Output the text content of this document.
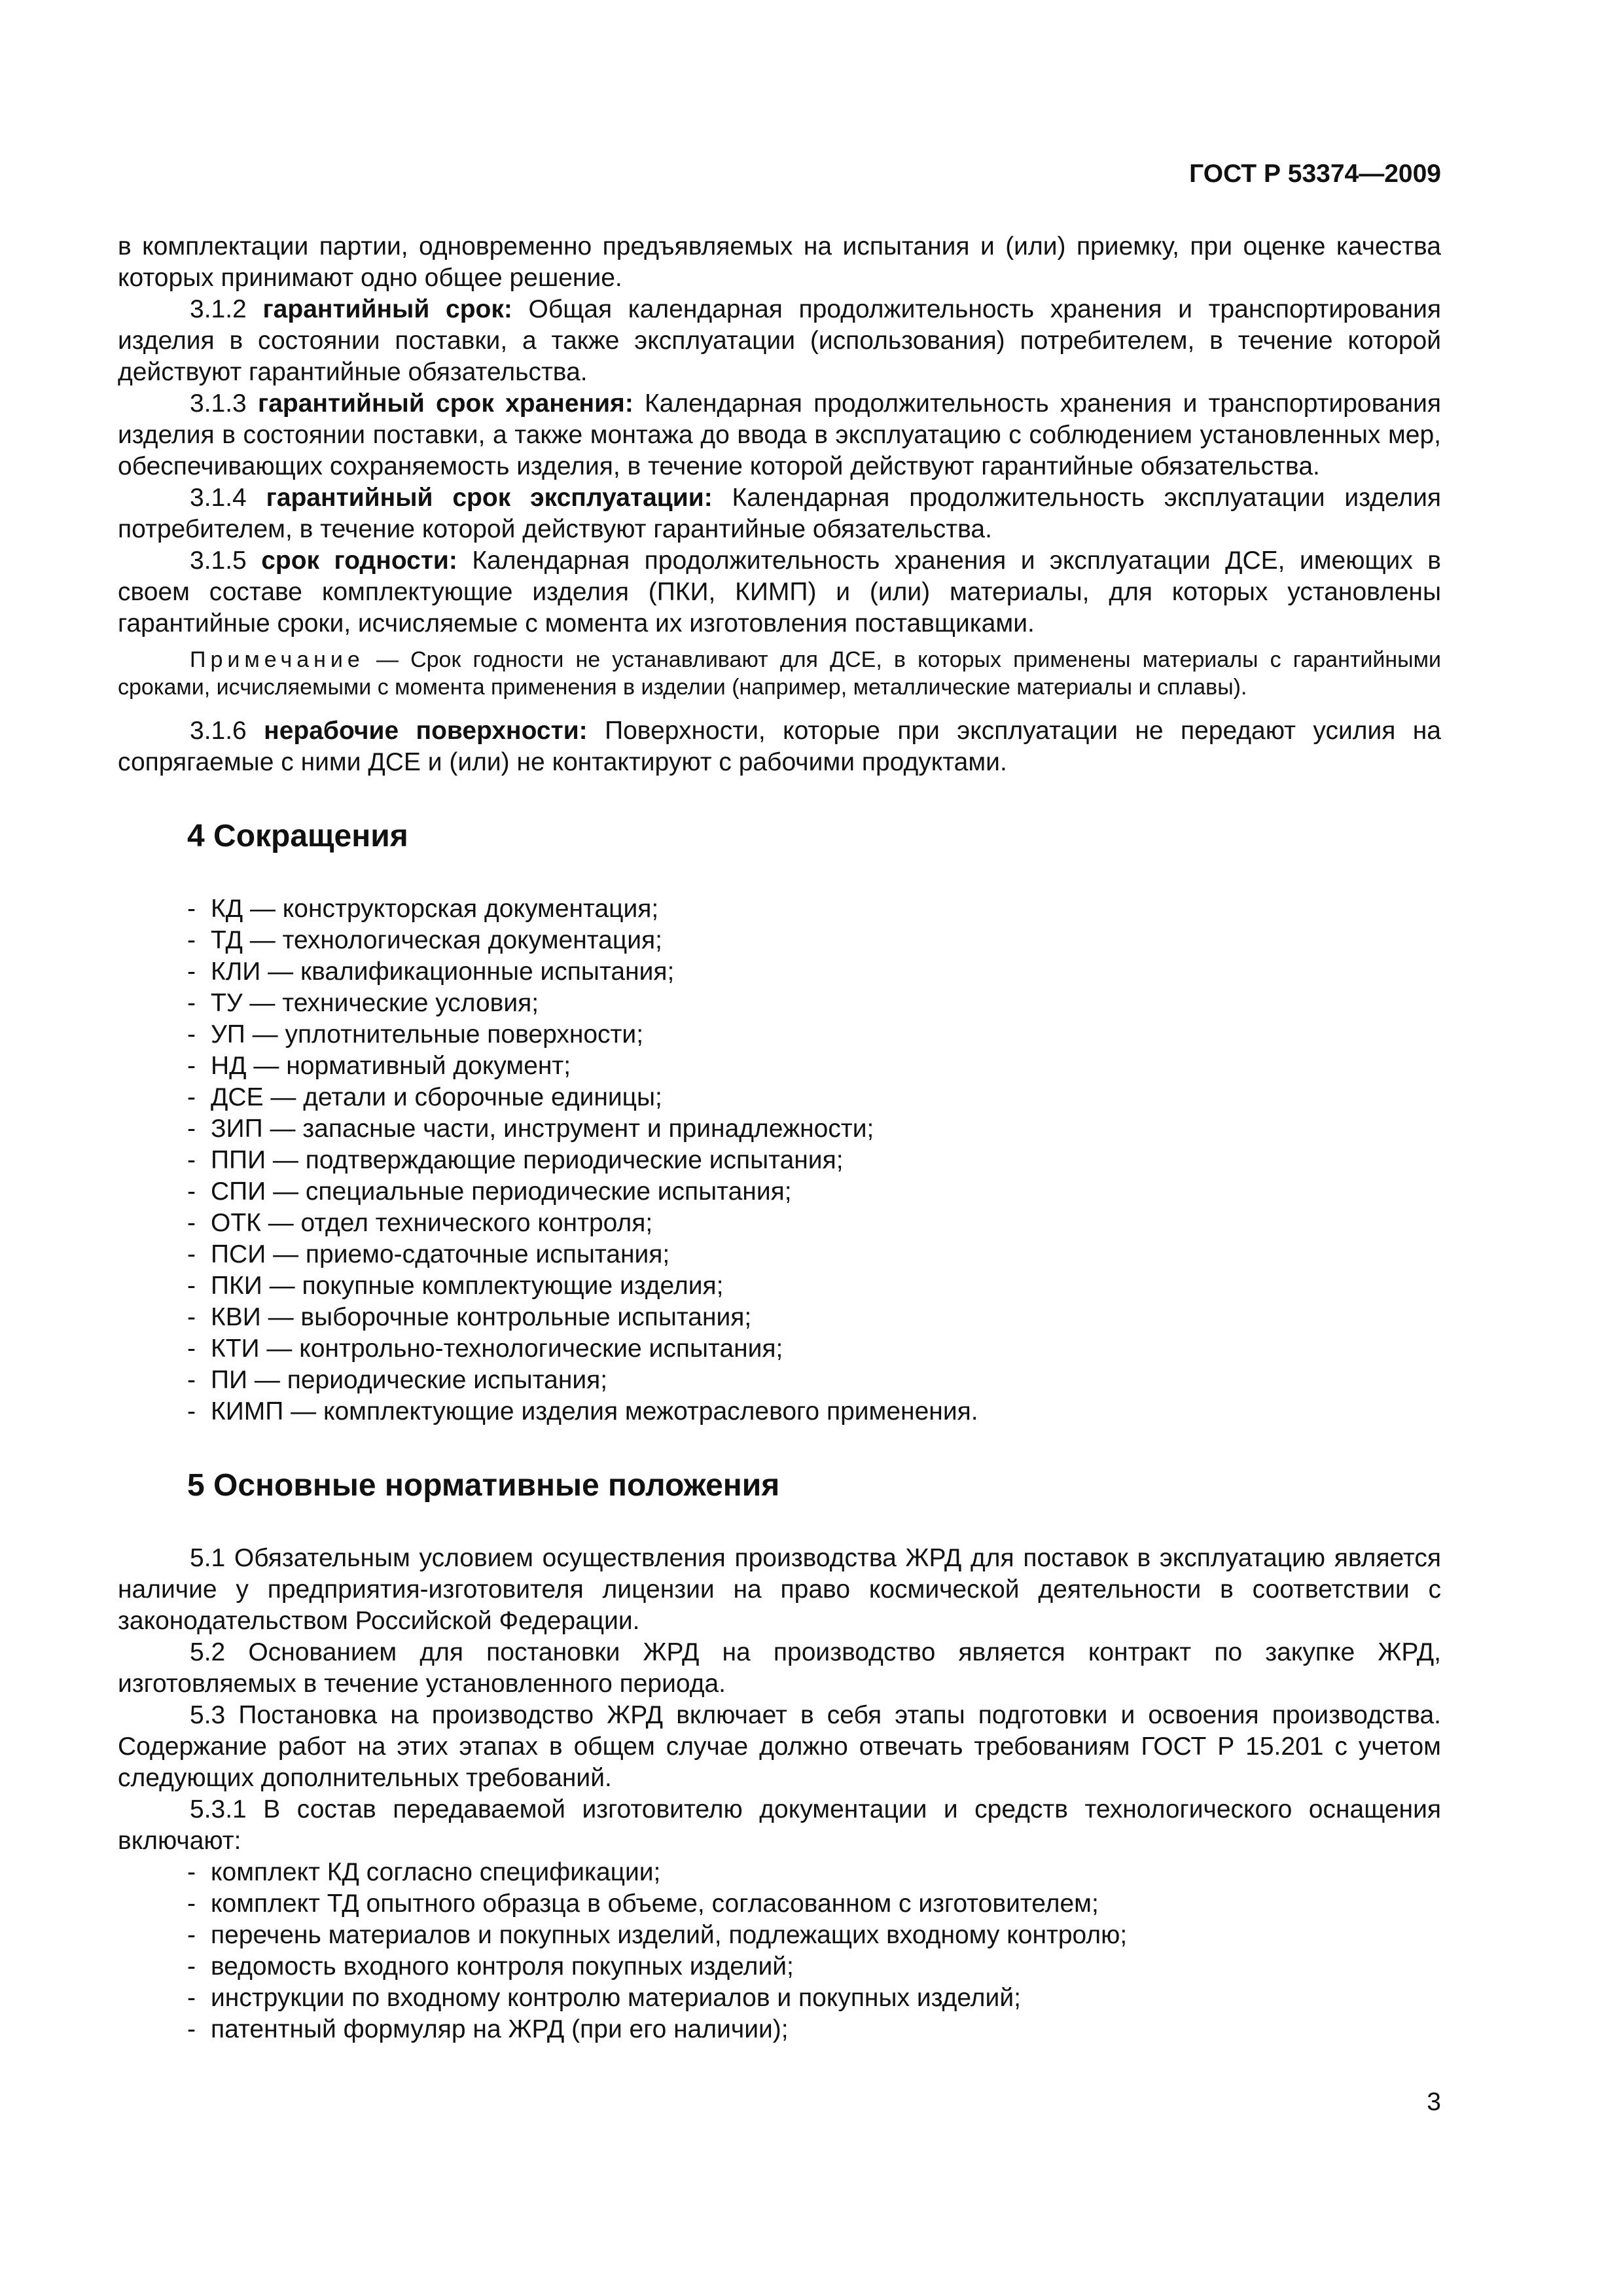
ГОСТ Р 53374—2009

в комплектации партии, одновременно предъявляемых на испытания и (или) приемку, при оценке качества которых принимают одно общее решение.

3.1.2 гарантийный срок: Общая календарная продолжительность хранения и транспортирования изделия в состоянии поставки, а также эксплуатации (использования) потребителем, в течение которой действуют гарантийные обязательства.

3.1.3 гарантийный срок хранения: Календарная продолжительность хранения и транспортирования изделия в состоянии поставки, а также монтажа до ввода в эксплуатацию с соблюдением установленных мер, обеспечивающих сохраняемость изделия, в течение которой действуют гарантийные обязательства.

3.1.4 гарантийный срок эксплуатации: Календарная продолжительность эксплуатации изделия потребителем, в течение которой действуют гарантийные обязательства.

3.1.5 срок годности: Календарная продолжительность хранения и эксплуатации ДСЕ, имеющих в своем составе комплектующие изделия (ПКИ, КИМП) и (или) материалы, для которых установлены гарантийные сроки, исчисляемые с момента их изготовления поставщиками.

Примечание — Срок годности не устанавливают для ДСЕ, в которых применены материалы с гарантийными сроками, исчисляемыми с момента применения в изделии (например, металлические материалы и сплавы).

3.1.6 нерабочие поверхности: Поверхности, которые при эксплуатации не передают усилия на сопрягаемые с ними ДСЕ и (или) не контактируют с рабочими продуктами.

4 Сокращения
- КД — конструкторская документация;
- ТД — технологическая документация;
- КЛИ — квалификационные испытания;
- ТУ — технические условия;
- УП — уплотнительные поверхности;
- НД — нормативный документ;
- ДСЕ — детали и сборочные единицы;
- ЗИП — запасные части, инструмент и принадлежности;
- ППИ — подтверждающие периодические испытания;
- СПИ — специальные периодические испытания;
- ОТК — отдел технического контроля;
- ПСИ — приемо-сдаточные испытания;
- ПКИ — покупные комплектующие изделия;
- КВИ — выборочные контрольные испытания;
- КТИ — контрольно-технологические испытания;
- ПИ — периодические испытания;
- КИМП — комплектующие изделия межотраслевого применения.
5 Основные нормативные положения

5.1 Обязательным условием осуществления производства ЖРД для поставок в эксплуатацию является наличие у предприятия-изготовителя лицензии на право космической деятельности в соответствии с законодательством Российской Федерации.

5.2 Основанием для постановки ЖРД на производство является контракт по закупке ЖРД, изготовляемых в течение установленного периода.

5.3 Постановка на производство ЖРД включает в себя этапы подготовки и освоения производства. Содержание работ на этих этапах в общем случае должно отвечать требованиям ГОСТ Р 15.201 с учетом следующих дополнительных требований.

5.3.1 В состав передаваемой изготовителю документации и средств технологического оснащения включают:

- комплект КД согласно спецификации;
- комплект ТД опытного образца в объеме, согласованном с изготовителем;
- перечень материалов и покупных изделий, подлежащих входному контролю;
- ведомость входного контроля покупных изделий;
- инструкции по входному контролю материалов и покупных изделий;
- патентный формуляр на ЖРД (при его наличии);
3
